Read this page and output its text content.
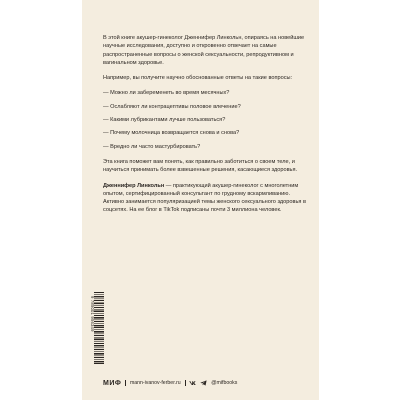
В этой книге акушер-гинеколог Дженнифер Линкольн, опираясь на новейшие научные исследования, доступно и откровенно отвечает на самые распространенные вопросы о женской сексуальности, репродуктивном и вагинальном здоровье.

Например, вы получите научно обоснованные ответы на такие вопросы:

— Можно ли забеременеть во время месячных?
— Ослабляют ли контрацептивы половое влечение?
— Какими лубрикантами лучше пользоваться?
— Почему молочница возвращается снова и снова?
— Вредно ли часто мастурбировать?

Эта книга поможет вам понять, как правильно заботиться о своем теле, и научиться принимать более взвешенные решения, касающиеся здоровья.

Дженнифер Линкольн — практикующий акушер-гинеколог с многолетним опытом, сертифицированный консультант по грудному вскармливанию. Активно занимается популяризацией темы женского сексуального здоровья в соцсетях. На ее блог в TikTok подписаны почти 3 миллиона человек.

9 785001 956349
МИФ mann-ivanov-ferber.ru	@mifbooks
